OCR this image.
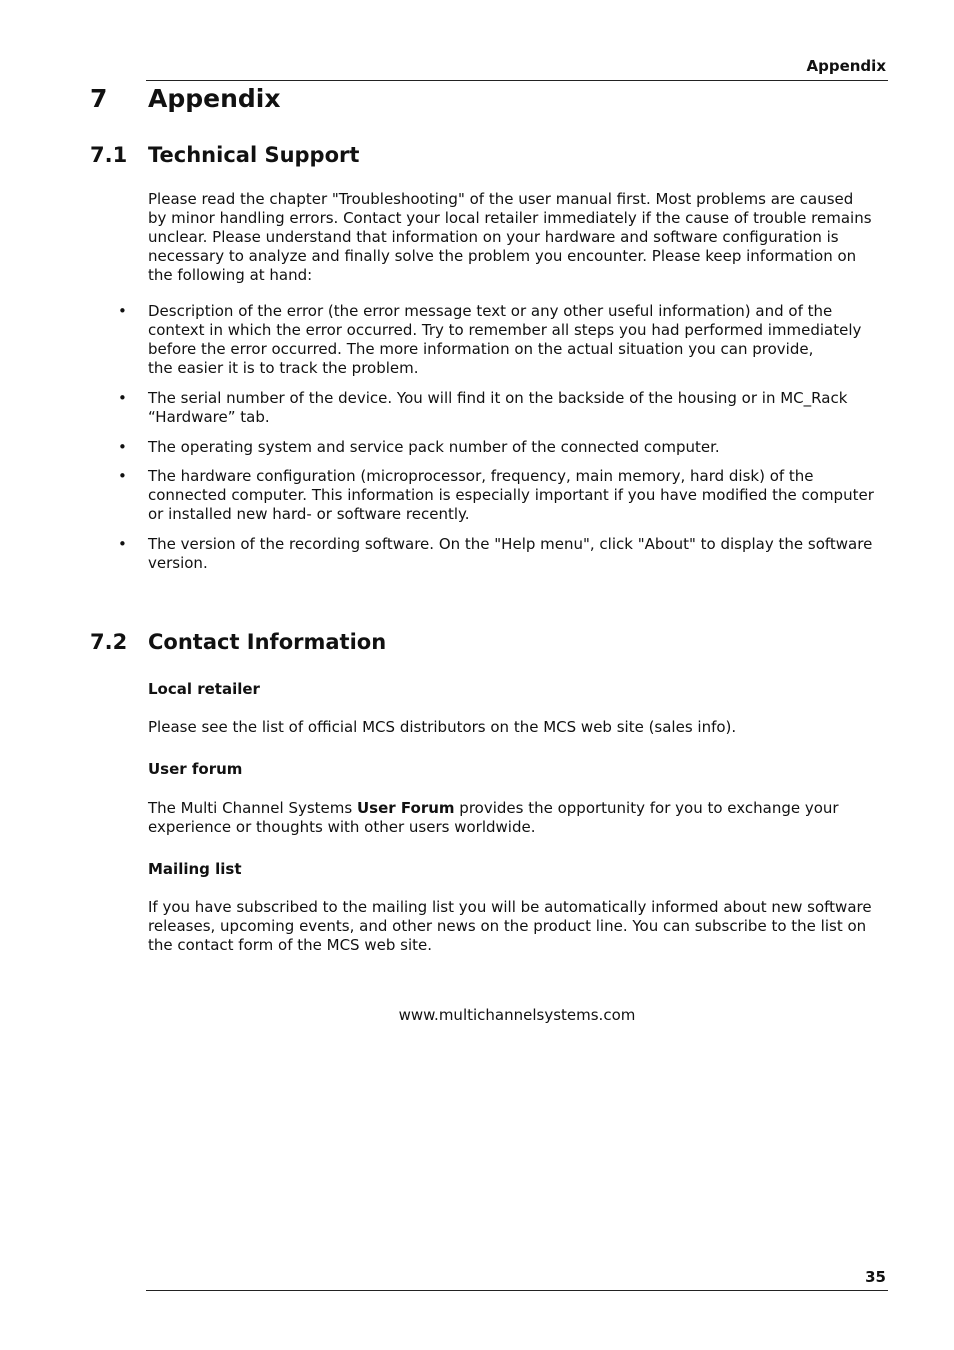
Appendix
7 Appendix
7.1 Technical Support
Please read the chapter "Troubleshooting" of the user manual first. Most problems are caused
by minor handling errors. Contact your local retailer immediately if the cause of trouble remains
unclear. Please understand that information on your hardware and software configuration is
necessary to analyze and finally solve the problem you encounter. Please keep information on
the following at hand:
• Description of the error (the error message text or any other useful information) and of the
context in which the error occurred. Try to remember all steps you had performed immediately
before the error occurred. The more information on the actual situation you can provide,
the easier it is to track the problem.
• The serial number of the device. You will find it on the backside of the housing or in MC_Rack
“Hardware” tab.
• The operating system and service pack number of the connected computer.
• The hardware configuration (microprocessor, frequency, main memory, hard disk) of the
connected computer. This information is especially important if you have modified the computer
or installed new hard- or software recently.
• The version of the recording software. On the "Help menu", click "About" to display the software
version.
7.2 Contact Information
Local retailer
Please see the list of official MCS distributors on the MCS web site (sales info).
User forum
The Multi Channel Systems User Forum provides the opportunity for you to exchange your
experience or thoughts with other users worldwide.
Mailing list
If you have subscribed to the mailing list you will be automatically informed about new software
releases, upcoming events, and other news on the product line. You can subscribe to the list on
the contact form of the MCS web site.
www.multichannelsystems.com
35
